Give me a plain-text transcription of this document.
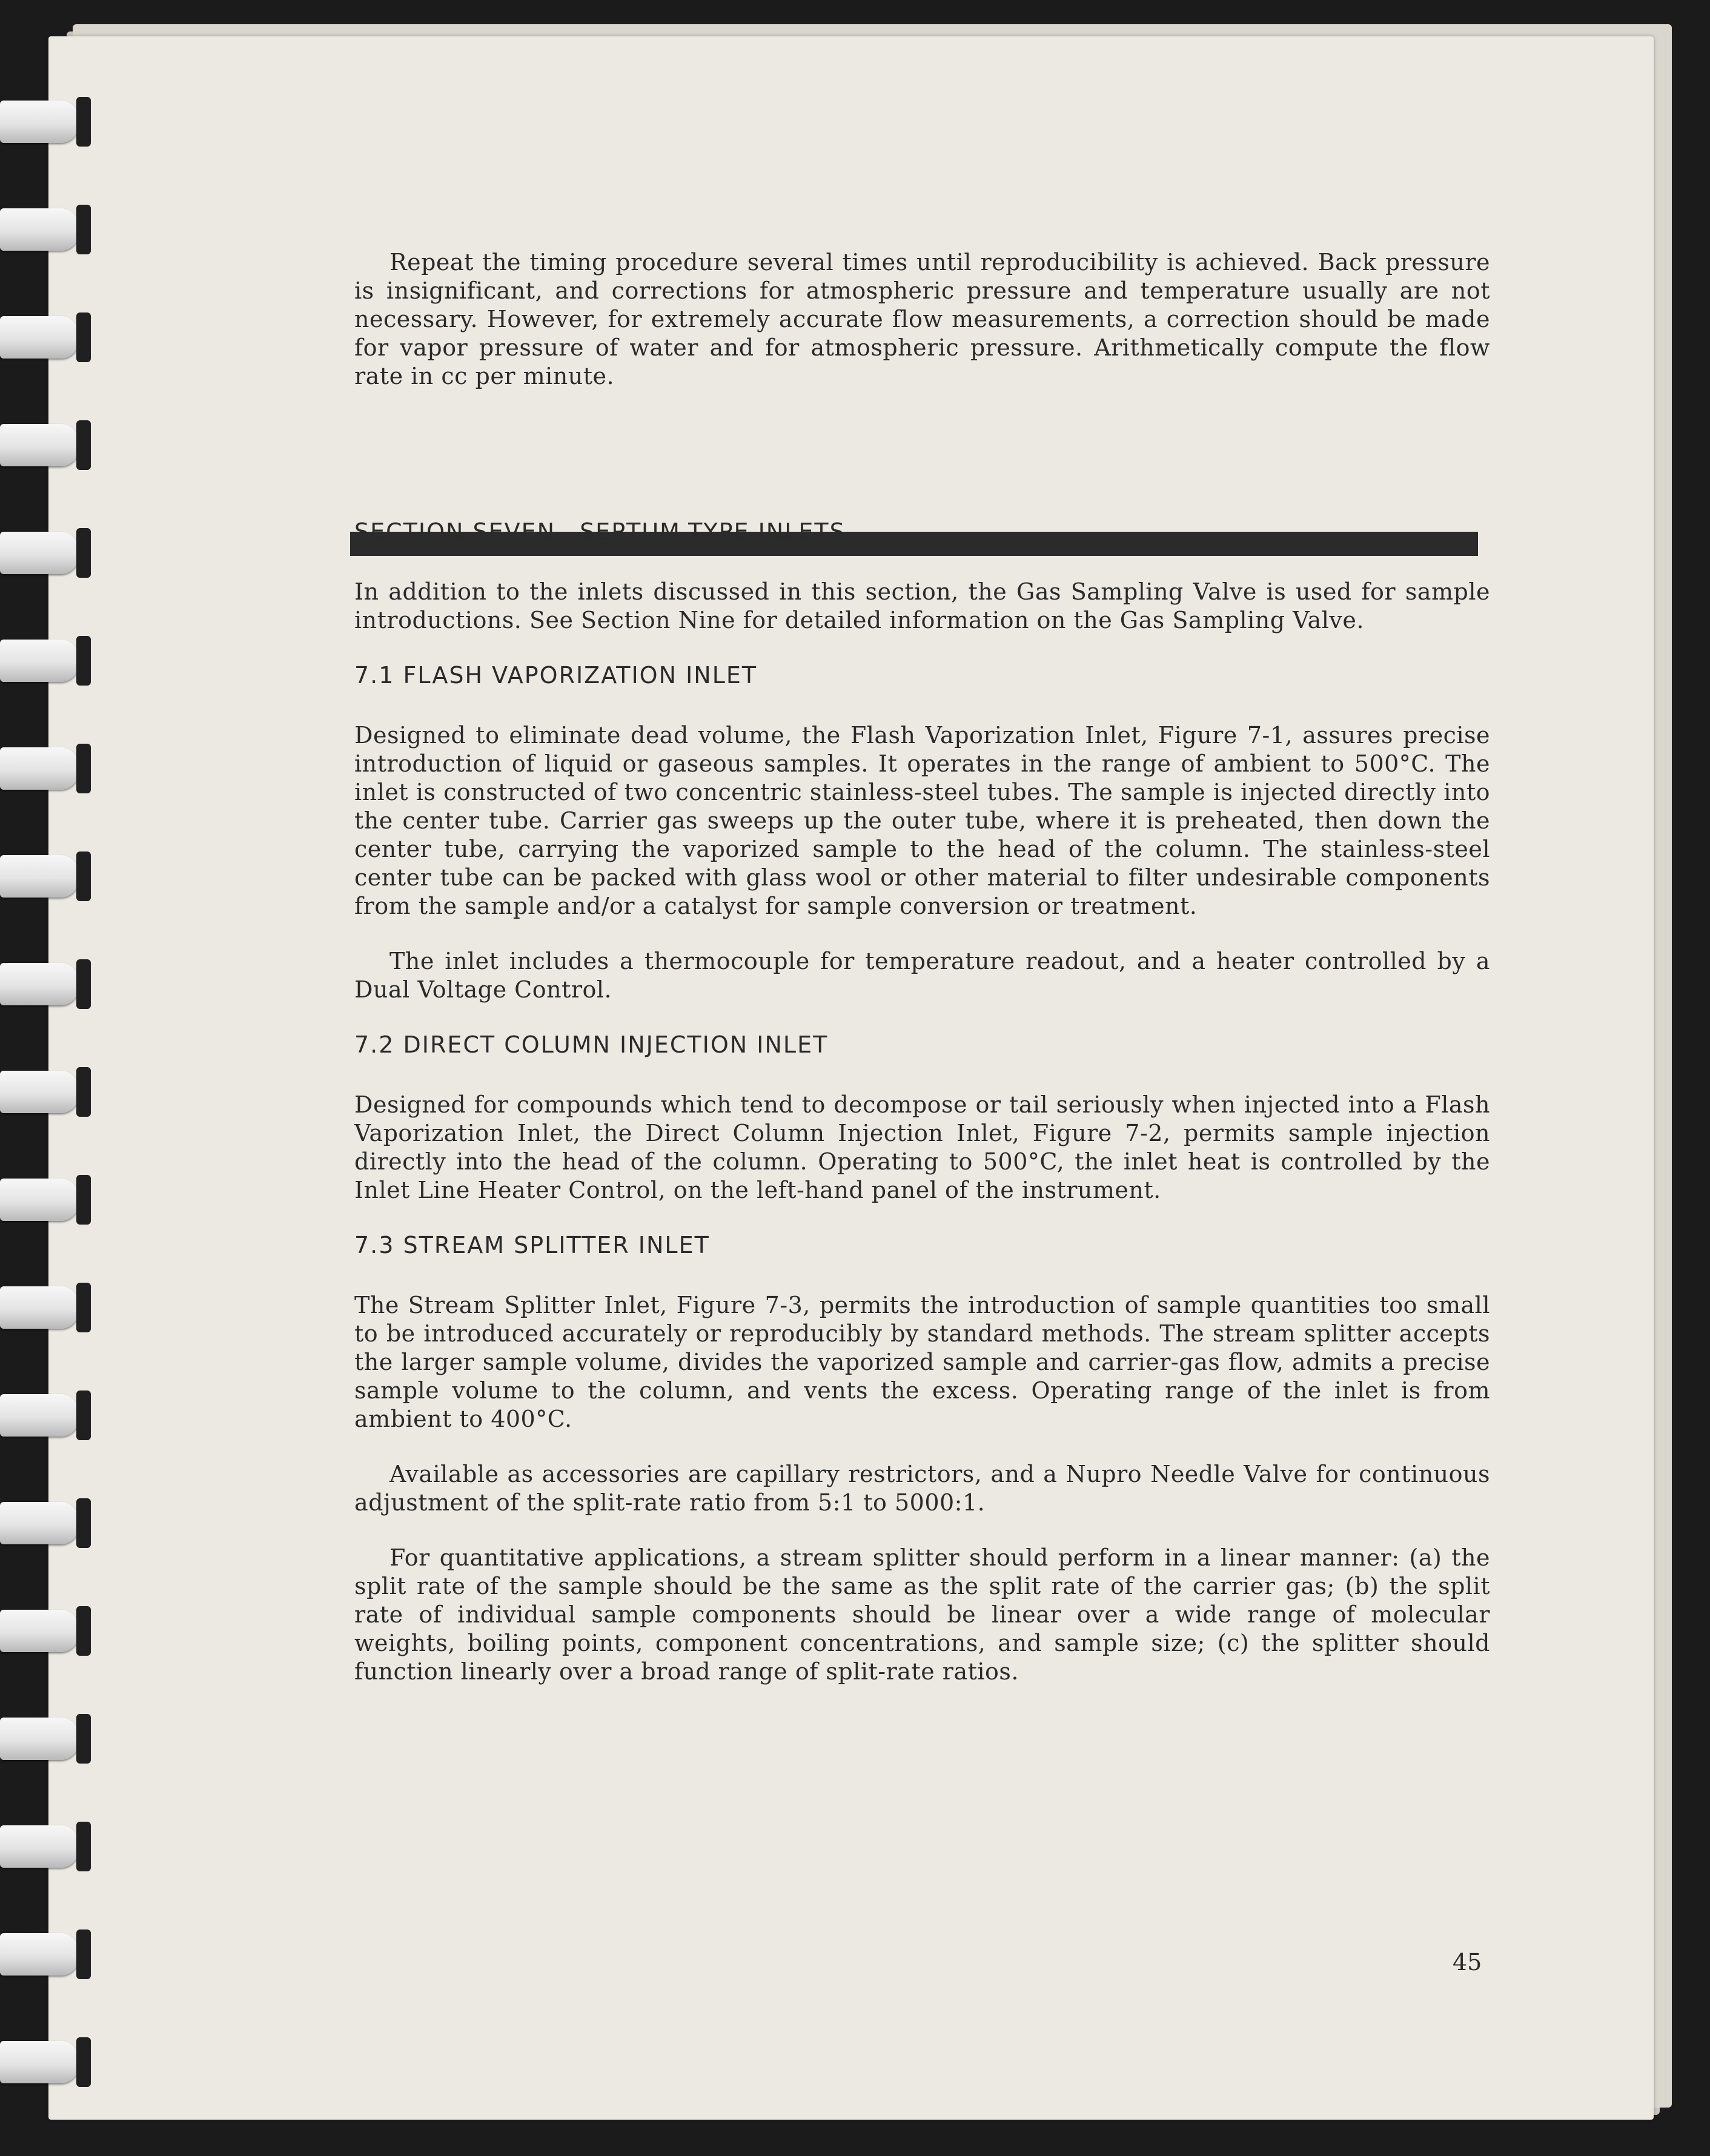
Repeat the timing procedure several times until reproducibility is achieved. Back pressure is insignificant, and corrections for atmospheric pressure and temperature usually are not necessary. However, for extremely accurate flow measurements, a correction should be made for vapor pressure of water and for atmospheric pressure. Arithmetically compute the flow rate in cc per minute.

SECTION SEVEN SEPTUM-TYPE INLETS

In addition to the inlets discussed in this section, the Gas Sampling Valve is used for sample introductions. See Section Nine for detailed information on the Gas Sampling Valve.

7.1 FLASH VAPORIZATION INLET

Designed to eliminate dead volume, the Flash Vaporization Inlet, Figure 7-1, assures precise introduction of liquid or gaseous samples. It operates in the range of ambient to 500°C. The inlet is constructed of two concentric stainless-steel tubes. The sample is injected directly into the center tube. Carrier gas sweeps up the outer tube, where it is preheated, then down the center tube, carrying the vaporized sample to the head of the column. The stainless-steel center tube can be packed with glass wool or other material to filter undesirable components from the sample and/or a catalyst for sample conversion or treatment.

The inlet includes a thermocouple for temperature readout, and a heater controlled by a Dual Voltage Control.

7.2 DIRECT COLUMN INJECTION INLET

Designed for compounds which tend to decompose or tail seriously when injected into a Flash Vaporization Inlet, the Direct Column Injection Inlet, Figure 7-2, permits sample injection directly into the head of the column. Operating to 500°C, the inlet heat is controlled by the Inlet Line Heater Control, on the left-hand panel of the instrument.

7.3 STREAM SPLITTER INLET

The Stream Splitter Inlet, Figure 7-3, permits the introduction of sample quantities too small to be introduced accurately or reproducibly by standard methods. The stream splitter accepts the larger sample volume, divides the vaporized sample and carrier-gas flow, admits a precise sample volume to the column, and vents the excess. Operating range of the inlet is from ambient to 400°C.

Available as accessories are capillary restrictors, and a Nupro Needle Valve for continuous adjustment of the split-rate ratio from 5:1 to 5000:1.

For quantitative applications, a stream splitter should perform in a linear manner: (a) the split rate of the sample should be the same as the split rate of the carrier gas; (b) the split rate of individual sample components should be linear over a wide range of molecular weights, boiling points, component concentrations, and sample size; (c) the splitter should function linearly over a broad range of split-rate ratios.

45
